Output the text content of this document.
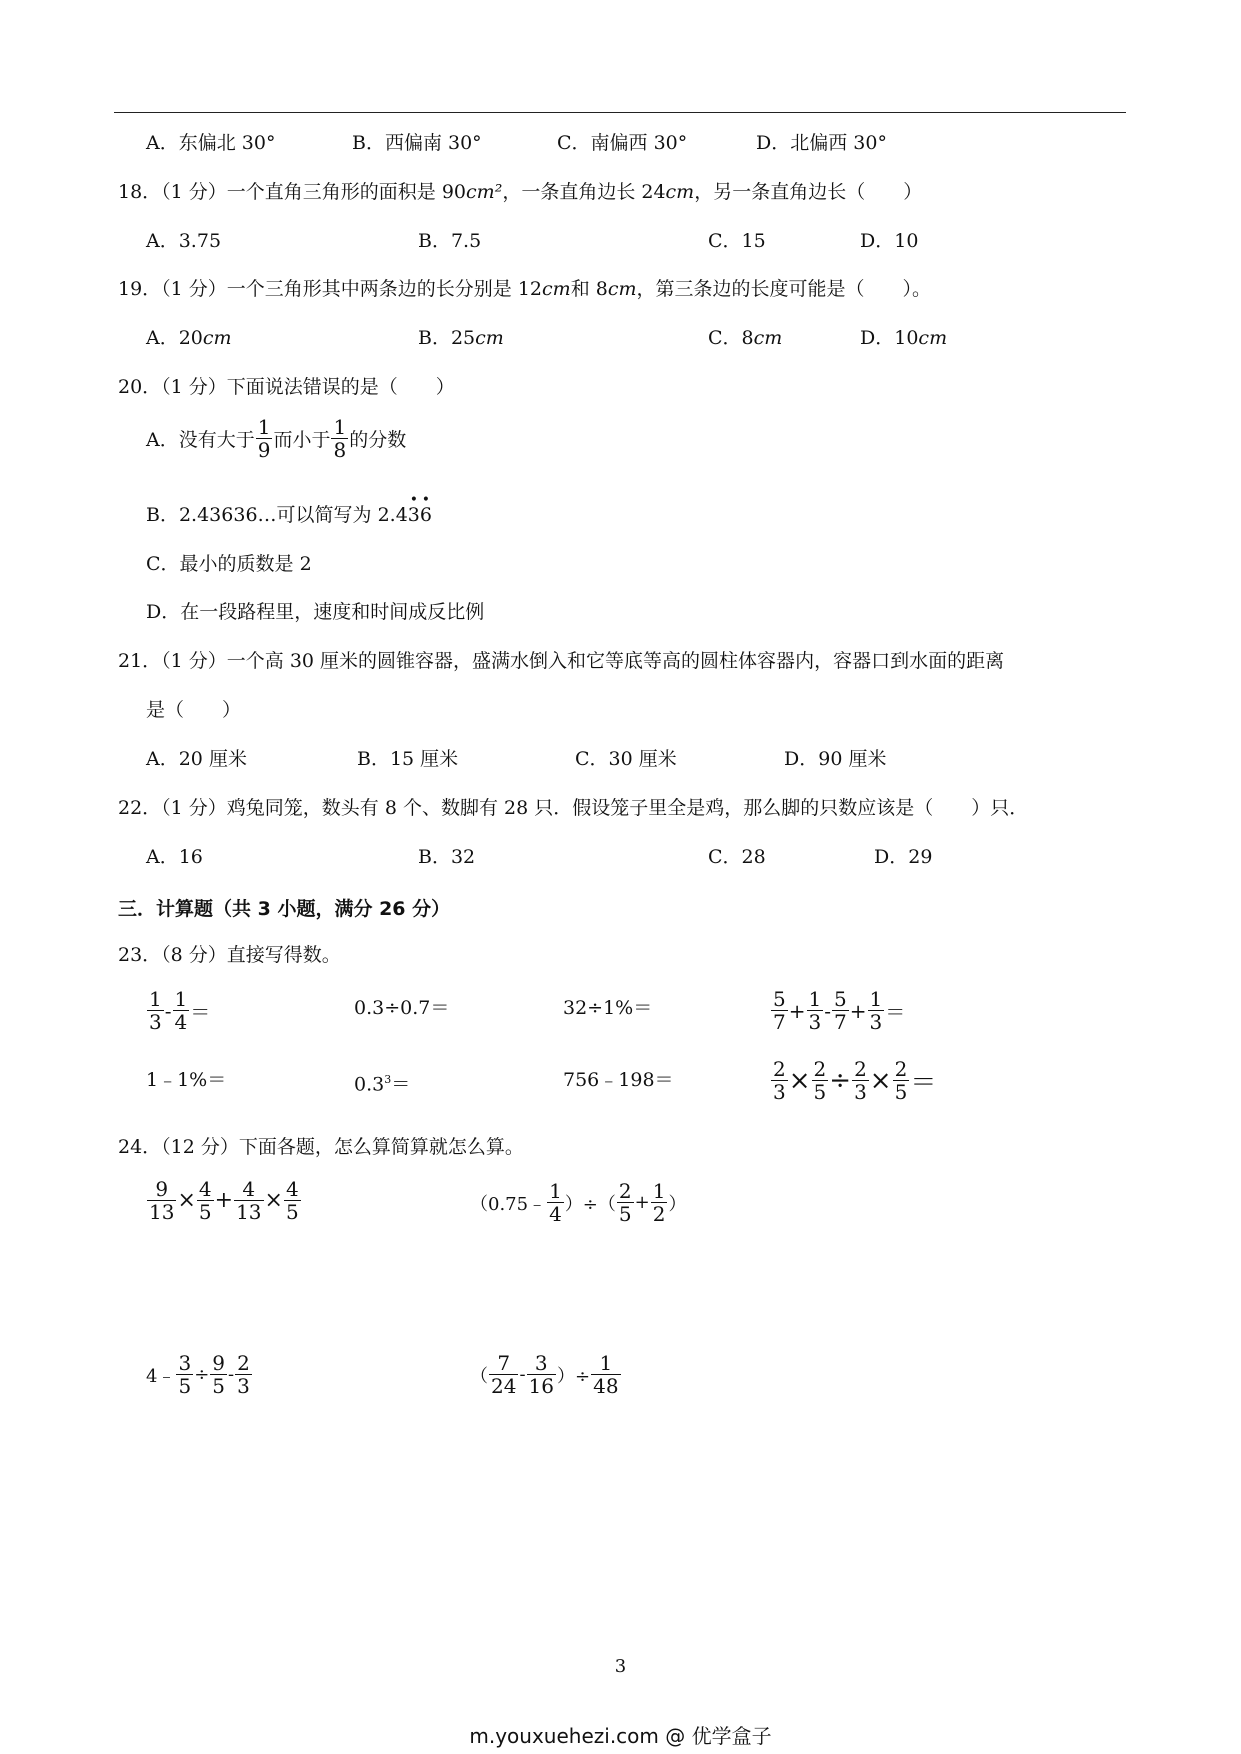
A．东偏北 30°	B．西偏南 30°	C．南偏西 30°	D．北偏西 30°
18．（1 分）一个直角三角形的面积是 90cm²，一条直角边长 24cm，另一条直角边长（　　）
A．3.75	B．7.5	C．15	D．10
19．（1 分）一个三角形其中两条边的长分别是 12cm和 8cm，第三条边的长度可能是（　　）。
A．20cm	B．25cm	C．8cm	D．10cm
20．（1 分）下面说法错误的是（　　）
A．没有大于 $\frac{1}{9}$ 而小于 $\frac{1}{8}$ 的分数
B．2.43636…可以简写为 2.4
•
3
•
6
C．最小的质数是 2
D．在一段路程里，速度和时间成反比例
21．（1 分）一个高 30 厘米的圆锥容器，盛满水倒入和它等底等高的圆柱体容器内，容器口到水面的距离
是（　　）
A．20 厘米	B．15 厘米	C．30 厘米	D．90 厘米
22．（1 分）鸡兔同笼，数头有 8 个、数脚有 28 只．假设笼子里全是鸡，那么脚的只数应该是（　　）只．
A．16	B．32	C．28	D．29
三．计算题（共 3 小题，满分 26 分）
23．（8 分）直接写得数。
$\frac{1}{3} - \frac{1}{4}$ ＝	0.3÷0.7＝	32÷1%＝	$\frac{5}{7} + \frac{1}{3} - \frac{5}{7} + \frac{1}{3}$ ＝
1﹣1%＝	$0.3^3=$	756﹣198＝	$\frac{2}{3} \times \frac{2}{5} \div \frac{2}{3} \times \frac{2}{5}$ ＝
24．（12 分）下面各题，怎么算简算就怎么算。
$\frac{9}{13} \times \frac{4}{5} + \frac{4}{13} \times \frac{4}{5}$	（0.75﹣ $\frac{1}{4}$ ）÷（ $\frac{2}{5} + \frac{1}{2}$ ）
4﹣ $\frac{3}{5} \div \frac{9}{5} - \frac{2}{3}$	（ $\frac{7}{24} - \frac{3}{16}$ ）÷ $\frac{1}{48}$
3
m.youxuehezi.com @ 优学盒子
